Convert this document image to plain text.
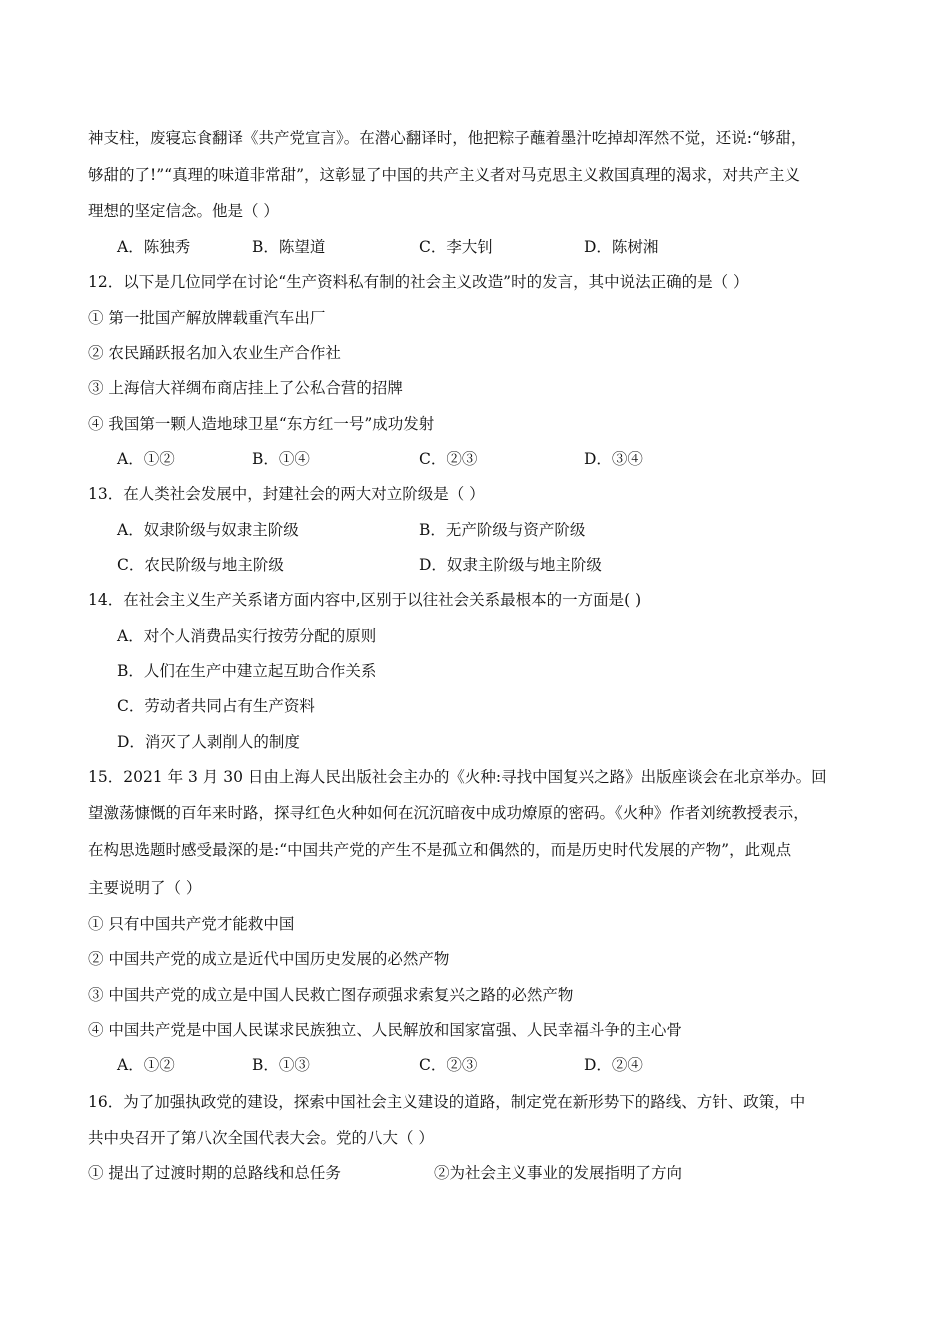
神支柱，废寝忘食翻译《共产党宣言》。在潜心翻译时，他把粽子蘸着墨汁吃掉却浑然不觉，还说:“够甜，
够甜的了!”“真理的味道非常甜”，这彰显了中国的共产主义者对马克思主义救国真理的渴求，对共产主义
理想的坚定信念。他是（ ）
A．陈独秀	B．陈望道	C．李大钊	D．陈树湘
12．以下是几位同学在讨论“生产资料私有制的社会主义改造”时的发言，其中说法正确的是（ ）
① 第一批国产解放牌载重汽车出厂
② 农民踊跃报名加入农业生产合作社
③ 上海信大祥绸布商店挂上了公私合营的招牌
④ 我国第一颗人造地球卫星“东方红一号”成功发射
A．①②	B．①④	C．②③	D．③④
13．在人类社会发展中，封建社会的两大对立阶级是（ ）
A．奴隶阶级与奴隶主阶级	B．无产阶级与资产阶级
C．农民阶级与地主阶级	D．奴隶主阶级与地主阶级
14．在社会主义生产关系诸方面内容中,区别于以往社会关系最根本的一方面是( )
A．对个人消费品实行按劳分配的原则
B．人们在生产中建立起互助合作关系
C．劳动者共同占有生产资料
D．消灭了人剥削人的制度
15．2021 年 3 月 30 日由上海人民出版社会主办的《火种:寻找中国复兴之路》出版座谈会在北京举办。回
望激荡慷慨的百年来时路，探寻红色火种如何在沉沉暗夜中成功燎原的密码。《火种》作者刘统教授表示，
在构思选题时感受最深的是:“中国共产党的产生不是孤立和偶然的，而是历史时代发展的产物”，此观点
主要说明了（ ）
① 只有中国共产党才能救中国
② 中国共产党的成立是近代中国历史发展的必然产物
③ 中国共产党的成立是中国人民救亡图存顽强求索复兴之路的必然产物
④ 中国共产党是中国人民谋求民族独立、人民解放和国家富强、人民幸福斗争的主心骨
A．①②	B．①③	C．②③	D．②④
16．为了加强执政党的建设，探索中国社会主义建设的道路，制定党在新形势下的路线、方针、政策，中
共中央召开了第八次全国代表大会。党的八大（ ）
① 提出了过渡时期的总路线和总任务	②为社会主义事业的发展指明了方向
